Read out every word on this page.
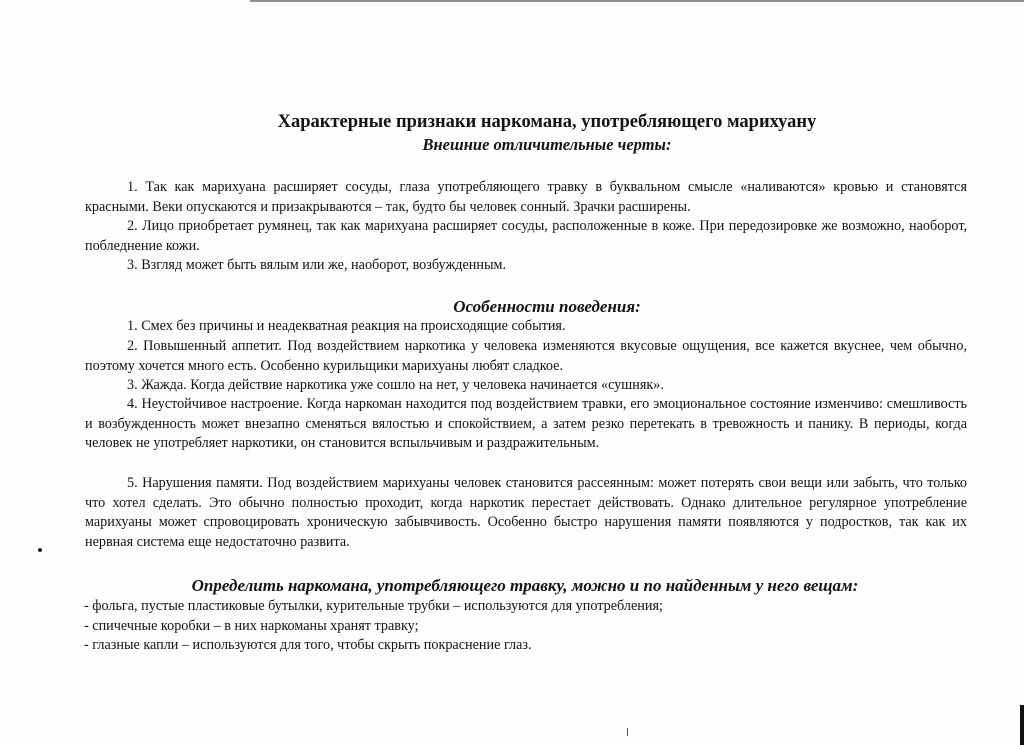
Характерные признаки наркомана, употребляющего марихуану
Внешние отличительные черты:

1. Так как марихуана расширяет сосуды, глаза употребляющего травку в буквальном смысле «наливаются» кровью и становятся красными. Веки опускаются и призакрываются – так, будто бы человек сонный. Зрачки расширены.

2. Лицо приобретает румянец, так как марихуана расширяет сосуды, расположенные в коже. При передозировке же возможно, наоборот, побледнение кожи.

3. Взгляд может быть вялым или же, наоборот, возбужденным.

Особенности поведения:

1. Смех без причины и неадекватная реакция на происходящие события.

2. Повышенный аппетит. Под воздействием наркотика у человека изменяются вкусовые ощущения, все кажется вкуснее, чем обычно, поэтому хочется много есть. Особенно курильщики марихуаны любят сладкое.

3. Жажда. Когда действие наркотика уже сошло на нет, у человека начинается «сушняк».

4. Неустойчивое настроение. Когда наркоман находится под воздействием травки, его эмоциональное состояние изменчиво: смешливость и возбужденность может внезапно сменяться вялостью и спокойствием, а затем резко перетекать в тревожность и панику. В периоды, когда человек не употребляет наркотики, он становится вспыльчивым и раздражительным.

5. Нарушения памяти. Под воздействием марихуаны человек становится рассеянным: может потерять свои вещи или забыть, что только что хотел сделать. Это обычно полностью проходит, когда наркотик перестает действовать. Однако длительное регулярное употребление марихуаны может спровоцировать хроническую забывчивость. Особенно быстро нарушения памяти появляются у подростков, так как их нервная система еще недостаточно развита.

Определить наркомана, употребляющего травку, можно и по найденным у него вещам:
- фольга, пустые пластиковые бутылки, курительные трубки – используются для употребления;
- спичечные коробки – в них наркоманы хранят травку;
- глазные капли – используются для того, чтобы скрыть покраснение глаз.
